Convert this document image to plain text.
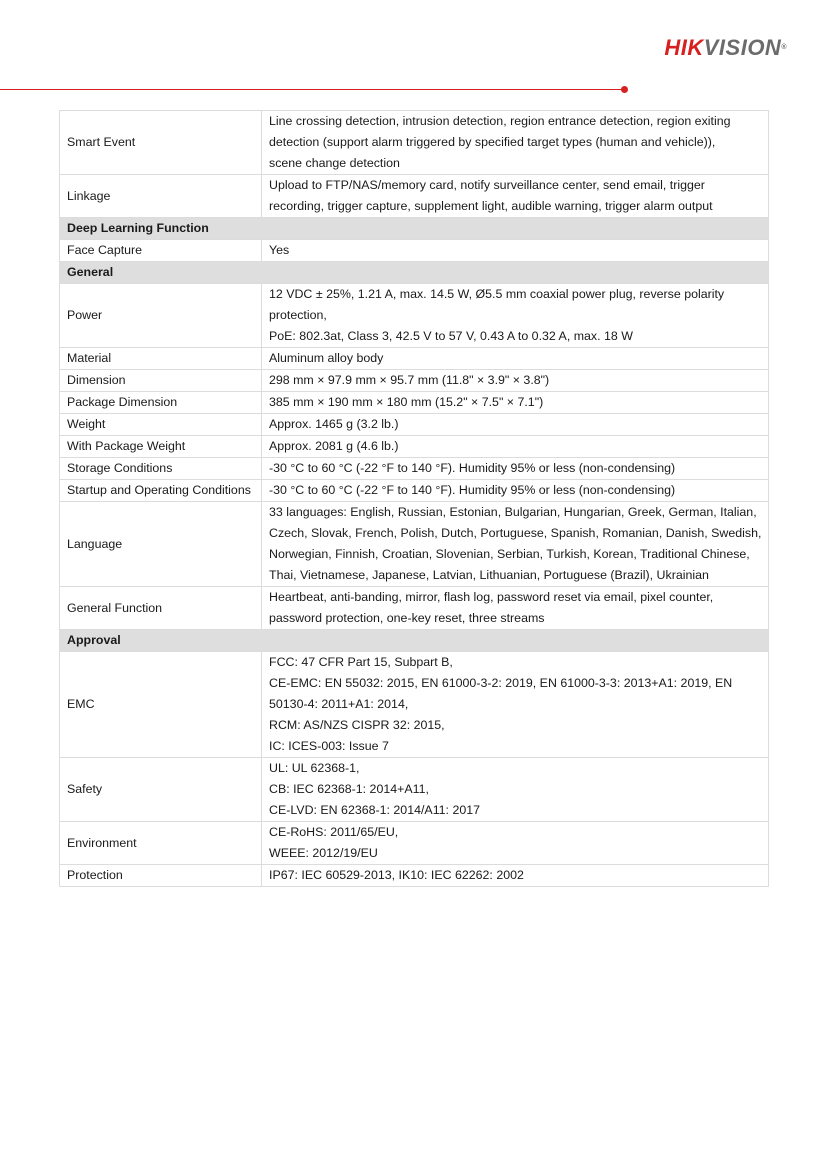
HIKVISION®
Smart Event	Line crossing detection, intrusion detection, region entrance detection, region exiting
detection (support alarm triggered by specified target types (human and vehicle)),
scene change detection

Linkage	Upload to FTP/NAS/memory card, notify surveillance center, send email, trigger
recording, trigger capture, supplement light, audible warning, trigger alarm output

Deep Learning Function	

Face Capture	Yes

General	

Power	12 VDC ± 25%, 1.21 A, max. 14.5 W, Ø5.5 mm coaxial power plug, reverse polarity
protection,
PoE: 802.3at, Class 3, 42.5 V to 57 V, 0.43 A to 0.32 A, max. 18 W

Material	Aluminum alloy body

Dimension	298 mm × 97.9 mm × 95.7 mm (11.8" × 3.9" × 3.8")

Package Dimension	385 mm × 190 mm × 180 mm (15.2" × 7.5" × 7.1")

Weight	Approx. 1465 g (3.2 lb.)

With Package Weight	Approx. 2081 g (4.6 lb.)

Storage Conditions	-30 °C to 60 °C (-22 °F to 140 °F). Humidity 95% or less (non-condensing)

Startup and Operating Conditions	-30 °C to 60 °C (-22 °F to 140 °F). Humidity 95% or less (non-condensing)

Language	33 languages: English, Russian, Estonian, Bulgarian, Hungarian, Greek, German, Italian,
Czech, Slovak, French, Polish, Dutch, Portuguese, Spanish, Romanian, Danish, Swedish,
Norwegian, Finnish, Croatian, Slovenian, Serbian, Turkish, Korean, Traditional Chinese,
Thai, Vietnamese, Japanese, Latvian, Lithuanian, Portuguese (Brazil), Ukrainian

General Function	Heartbeat, anti-banding, mirror, flash log, password reset via email, pixel counter,
password protection, one-key reset, three streams

Approval	

EMC	FCC: 47 CFR Part 15, Subpart B,
CE-EMC: EN 55032: 2015, EN 61000-3-2: 2019, EN 61000-3-3: 2013+A1: 2019, EN
50130-4: 2011+A1: 2014,
RCM: AS/NZS CISPR 32: 2015,
IC: ICES-003: Issue 7

Safety	UL: UL 62368-1,
CB: IEC 62368-1: 2014+A11,
CE-LVD: EN 62368-1: 2014/A11: 2017

Environment	CE-RoHS: 2011/65/EU,
WEEE: 2012/19/EU

Protection	IP67: IEC 60529-2013, IK10: IEC 62262: 2002
